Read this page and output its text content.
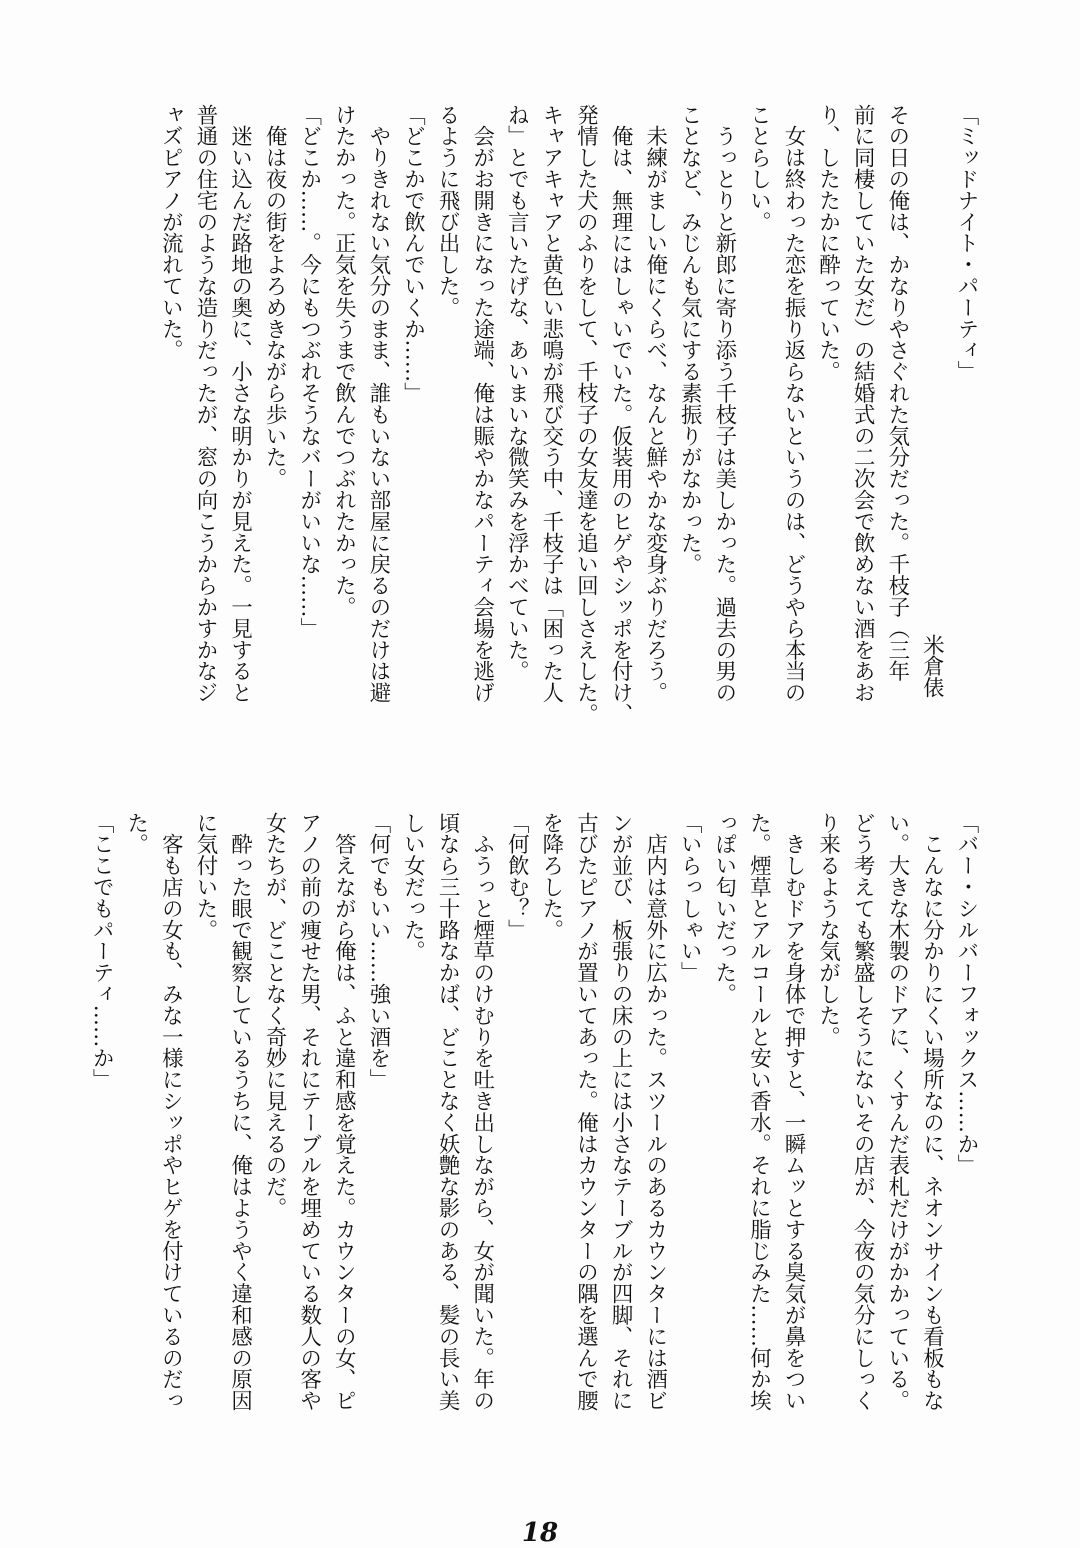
「ミッドナイト・パーティ」
米倉俵
その日の俺は、かなりやさぐれた気分だった。千枝子（三年
前に同棲していた女だ）の結婚式の二次会で飲めない酒をあお
り、したたかに酔っていた。
　女は終わった恋を振り返らないというのは、どうやら本当の
ことらしい。
　うっとりと新郎に寄り添う千枝子は美しかった。過去の男の
ことなど、みじんも気にする素振りがなかった。
　未練がましい俺にくらべ、なんと鮮やかな変身ぶりだろう。
　俺は、無理にはしゃいでいた。仮装用のヒゲやシッポを付け、
発情した犬のふりをして、千枝子の女友達を追い回しさえした。
キャアキャアと黄色い悲鳴が飛び交う中、千枝子は「困った人
ね」とでも言いたげな、あいまいな微笑みを浮かべていた。
　会がお開きになった途端、俺は賑やかなパーティ会場を逃げ
るように飛び出した。
「どこかで飲んでいくか……」
　やりきれない気分のまま、誰もいない部屋に戻るのだけは避
けたかった。正気を失うまで飲んでつぶれたかった。
「どこか……。今にもつぶれそうなバーがいいな……」
　俺は夜の街をよろめきながら歩いた。
　迷い込んだ路地の奥に、小さな明かりが見えた。一見すると
普通の住宅のような造りだったが、窓の向こうからかすかなジ
ャズピアノが流れていた。
「バー・シルバーフォックス……か」
　こんなに分かりにくい場所なのに、ネオンサインも看板もな
い。大きな木製のドアに、くすんだ表札だけがかかっている。
どう考えても繁盛しそうにないその店が、今夜の気分にしっく
り来るような気がした。
　きしむドアを身体で押すと、一瞬ムッとする臭気が鼻をつい
た。煙草とアルコールと安い香水。それに脂じみた……何か埃
っぽい匂いだった。
「いらっしゃい」
　店内は意外に広かった。スツールのあるカウンターには酒ビ
ンが並び、板張りの床の上には小さなテーブルが四脚、それに
古びたピアノが置いてあった。俺はカウンターの隅を選んで腰
を降ろした。
「何飲む？」
　ふうっと煙草のけむりを吐き出しながら、女が聞いた。年の
頃なら三十路なかば、どことなく妖艶な影のある、髪の長い美
しい女だった。
「何でもいい……強い酒を」
　答えながら俺は、ふと違和感を覚えた。カウンターの女、ピ
アノの前の痩せた男、それにテーブルを埋めている数人の客や
女たちが、どことなく奇妙に見えるのだ。
　酔った眼で観察しているうちに、俺はようやく違和感の原因
に気付いた。
　客も店の女も、みな一様にシッポやヒゲを付けているのだっ
た。
「ここでもパーティ……か」
18
